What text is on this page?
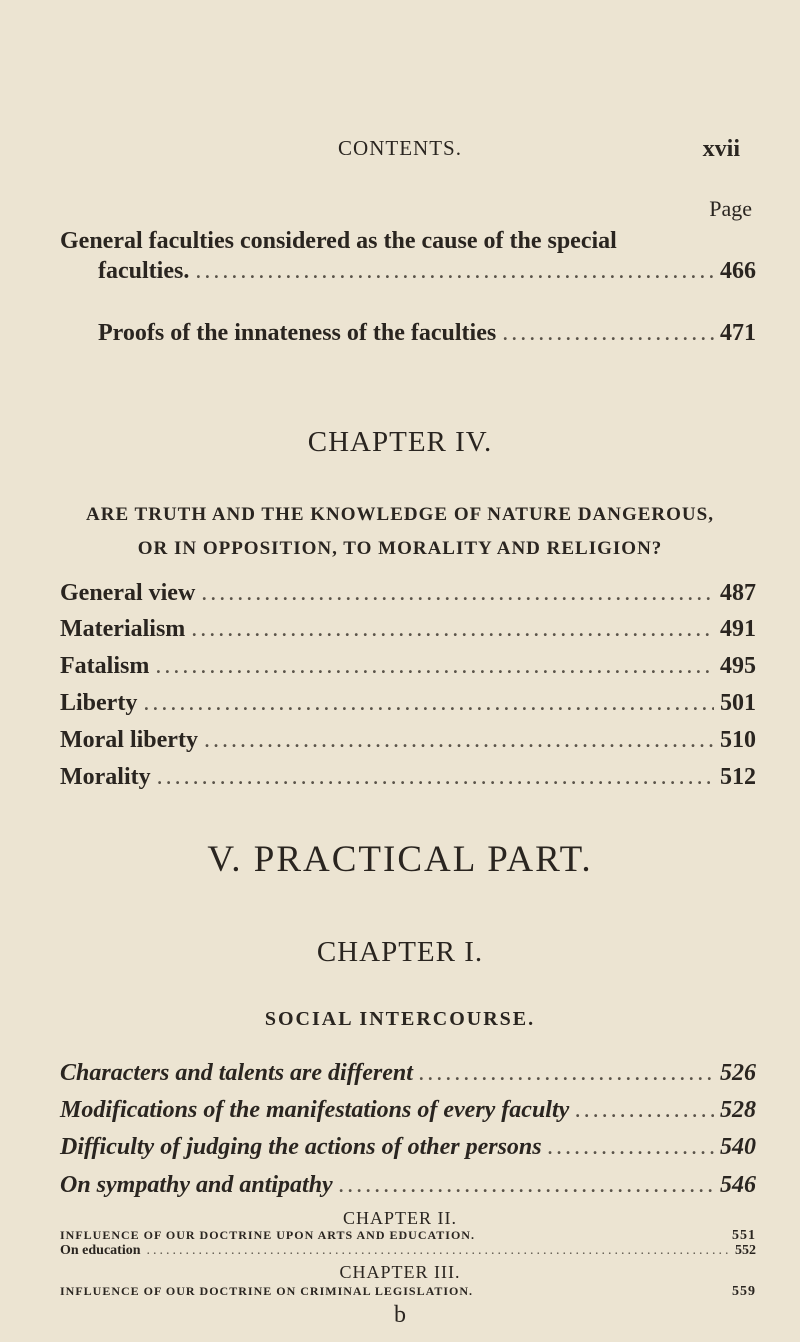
CONTENTS.	xvii
Page
General faculties considered as the cause of the special
faculties. .....	466
Proofs of the innateness of the faculties .....	471
CHAPTER IV.
ARE TRUTH AND THE KNOWLEDGE OF NATURE DANGEROUS,
OR IN OPPOSITION, TO MORALITY AND RELIGION?
General view .....	487
Materialism .....	491
Fatalism .....	495
Liberty .....	501
Moral liberty .....	510
Morality .....	512
V. PRACTICAL PART.
CHAPTER I.
SOCIAL INTERCOURSE.
Characters and talents are different .....	526
Modifications of the manifestations of every faculty .....	528
Difficulty of judging the actions of other persons .....	540
On sympathy and antipathy .....	546
CHAPTER II.
INFLUENCE OF OUR DOCTRINE UPON ARTS AND EDUCATION.	551
On education .....	552
CHAPTER III.
INFLUENCE OF OUR DOCTRINE ON CRIMINAL LEGISLATION.	559
b
